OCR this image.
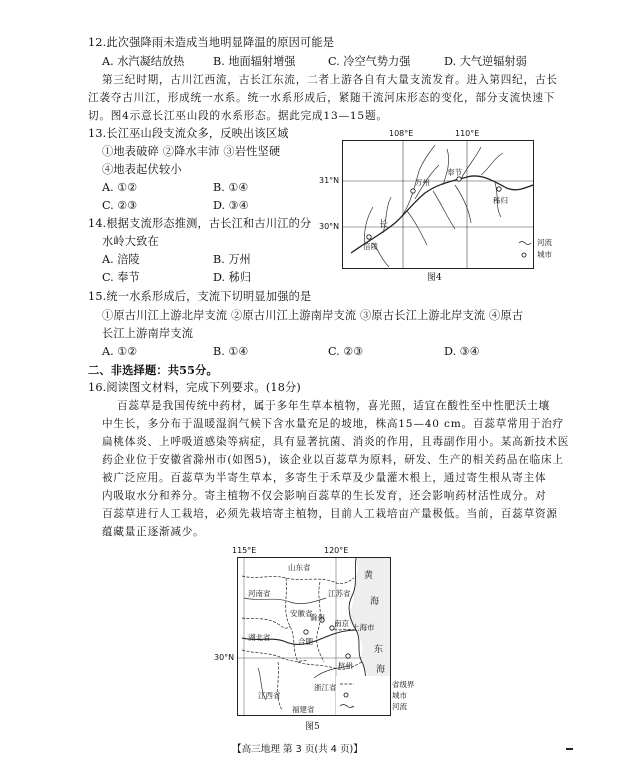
12.此次强降雨未造成当地明显降温的原因可能是
A. 水汽凝结放热	B. 地面辐射增强	C. 冷空气势力强	D. 大气逆辐射弱
第三纪时期，古川江西流，古长江东流，二者上游各自有大量支流发育。进入第四纪，古长
江袭夺古川江，形成统一水系。统一水系形成后，紧随干流河床形态的变化，部分支流快速下
切。图4示意长江巫山段的水系形态。据此完成13—15题。
13.长江巫山段支流众多，反映出该区域
①地表破碎 ②降水丰沛 ③岩性坚硬
④地表起伏较小
A. ①②	B. ①④
C. ②③	D. ③④
14.根据支流形态推测，古长江和古川江的分
水岭大致在
A. 涪陵	B. 万州
C. 奉节	D. 秭归
108°E	110°E
31°N
30°N
万州
奉节
秭归
涪陵
长
河流
城市
图4
15.统一水系形成后，支流下切明显加强的是
①原古川江上游北岸支流 ②原古川江上游南岸支流 ③原古长江上游北岸支流 ④原古
长江上游南岸支流
A. ①②	B. ①④	C. ②③	D. ③④
二、非选择题：共55分。
16.阅读图文材料，完成下列要求。(18分)
百蕊草是我国传统中药材，属于多年生草本植物，喜光照，适宜在酸性至中性肥沃土壤
中生长，多分布于温暖湿润气候下含水量充足的坡地，株高15—40 cm。百蕊草常用于治疗
扁桃体炎、上呼吸道感染等病症，具有显著抗菌、消炎的作用，且毒副作用小。某高新技术医
药企业位于安徽省滁州市(如图5)，该企业以百蕊草为原料，研发、生产的相关药品在临床上
被广泛应用。百蕊草为半寄生草本，多寄生于禾草及少量灌木根上，通过寄生根从寄主体
内吸取水分和养分。寄主植物不仅会影响百蕊草的生长发育，还会影响药材活性成分。对
百蕊草进行人工栽培，必须先栽培寄主植物，目前人工栽培亩产量极低。当前，百蕊草资源
蕴藏量正逐渐减少。
115°E	120°E
30°N
山东省
河南省	江苏省
安徽省
湖北省
浙江省
江西省
福建省
上海市
滁州
南京
合肥
杭州
黄
海
东
海
省级界
城市
河流
图5
【高三地理 第 3 页(共 4 页)】
